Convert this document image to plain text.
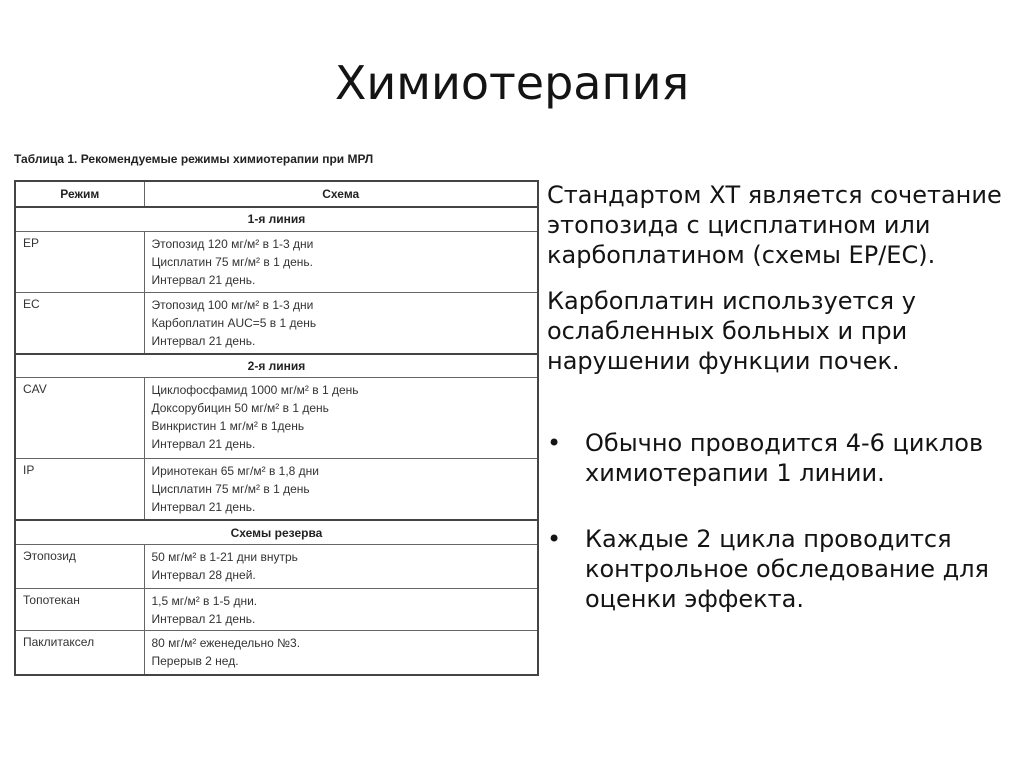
Химиотерапия
Таблица 1. Рекомендуемые режимы химиотерапии при МРЛ
Режим	Схема
1-я линия	
EP	Этопозид 120 мг/м² в 1-3 дни
Цисплатин 75 мг/м² в 1 день.
Интервал 21 день.

EC	Этопозид 100 мг/м² в 1-3 дни
Карбоплатин AUC=5 в 1 день
Интервал 21 день.

2-я линия	
CAV	Циклофосфамид 1000 мг/м² в 1 день
Доксорубицин 50 мг/м² в 1 день
Винкристин 1 мг/м² в 1день
Интервал 21 день.

IP	Иринотекан 65 мг/м² в 1,8 дни
Цисплатин 75 мг/м² в 1 день
Интервал 21 день.

Схемы резерва	
Этопозид	50 мг/м² в 1-21 дни внутрь
Интервал 28 дней.

Топотекан	1,5 мг/м² в 1-5 дни.
Интервал 21 день.

Паклитаксел	80 мг/м² еженедельно №3.
Перерыв 2 нед.

Стандартом ХТ является сочетание этопозида с цисплатином или карбоплатином (схемы EP/EC).

Карбоплатин используется у ослабленных больных и при нарушении функции почек.

• Обычно проводится 4-6 циклов химиотерапии 1 линии.
• Каждые 2 цикла проводится контрольное обследование для оценки эффекта.
